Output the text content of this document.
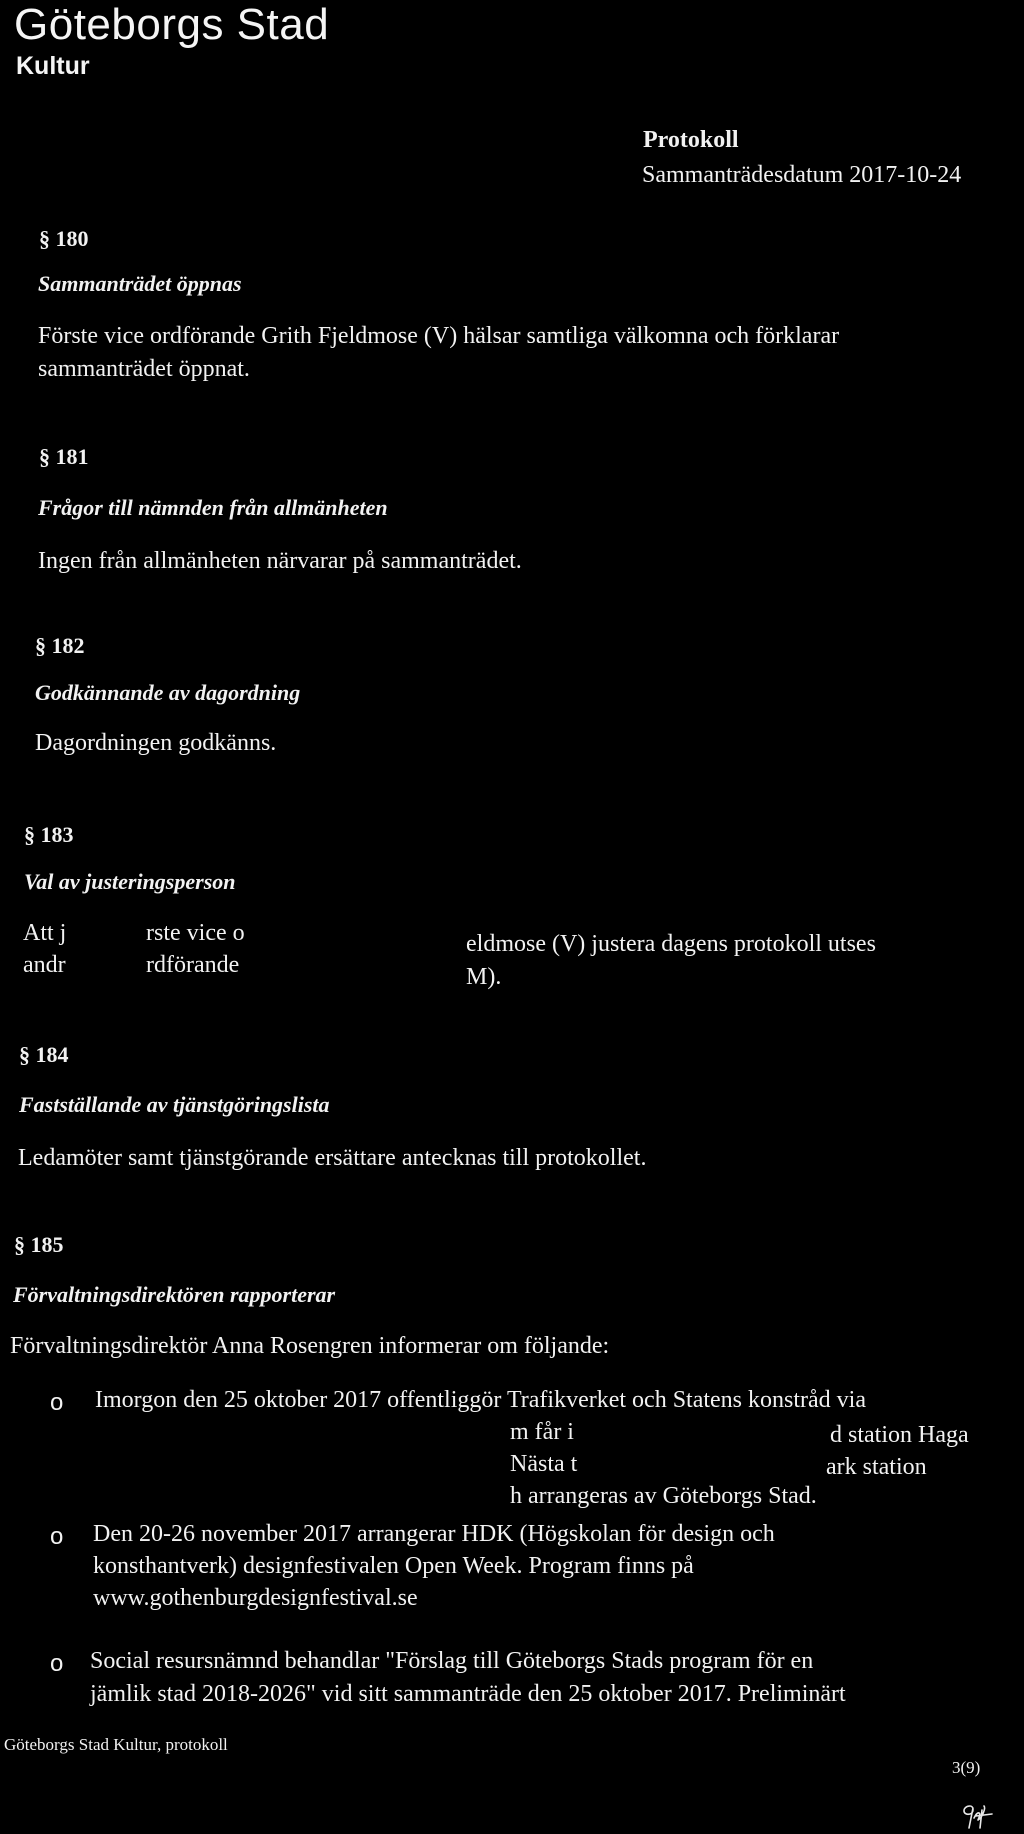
Göteborgs Stad
Kultur
Protokoll
Sammanträdesdatum 2017-10-24
§ 180
Sammanträdet öppnas
Förste vice ordförande Grith Fjeldmose (V) hälsar samtliga välkomna och förklarar
sammanträdet öppnat.
§ 181
Frågor till nämnden från allmänheten
Ingen från allmänheten närvarar på sammanträdet.
§ 182
Godkännande av dagordning
Dagordningen godkänns.
§ 183
Val av justeringsperson
Att j	rste vice o	eldmose (V) justera dagens protokoll utses
andr	rdförande	M).
§ 184
Fastställande av tjänstgöringslista
Ledamöter samt tjänstgörande ersättare antecknas till protokollet.
§ 185
Förvaltningsdirektören rapporterar
Förvaltningsdirektör Anna Rosengren informerar om följande:
o Imorgon den 25 oktober 2017 offentliggör Trafikverket och Statens konstråd via
m får i	d station Haga
Nästa t	ark station
h arrangeras av Göteborgs Stad.
o Den 20-26 november 2017 arrangerar HDK (Högskolan för design och
konsthantverk) designfestivalen Open Week. Program finns på
www.gothenburgdesignfestival.se
o Social resursnämnd behandlar "Förslag till Göteborgs Stads program för en
jämlik stad 2018-2026" vid sitt sammanträde den 25 oktober 2017. Preliminärt
Göteborgs Stad Kultur, protokoll
3(9)
